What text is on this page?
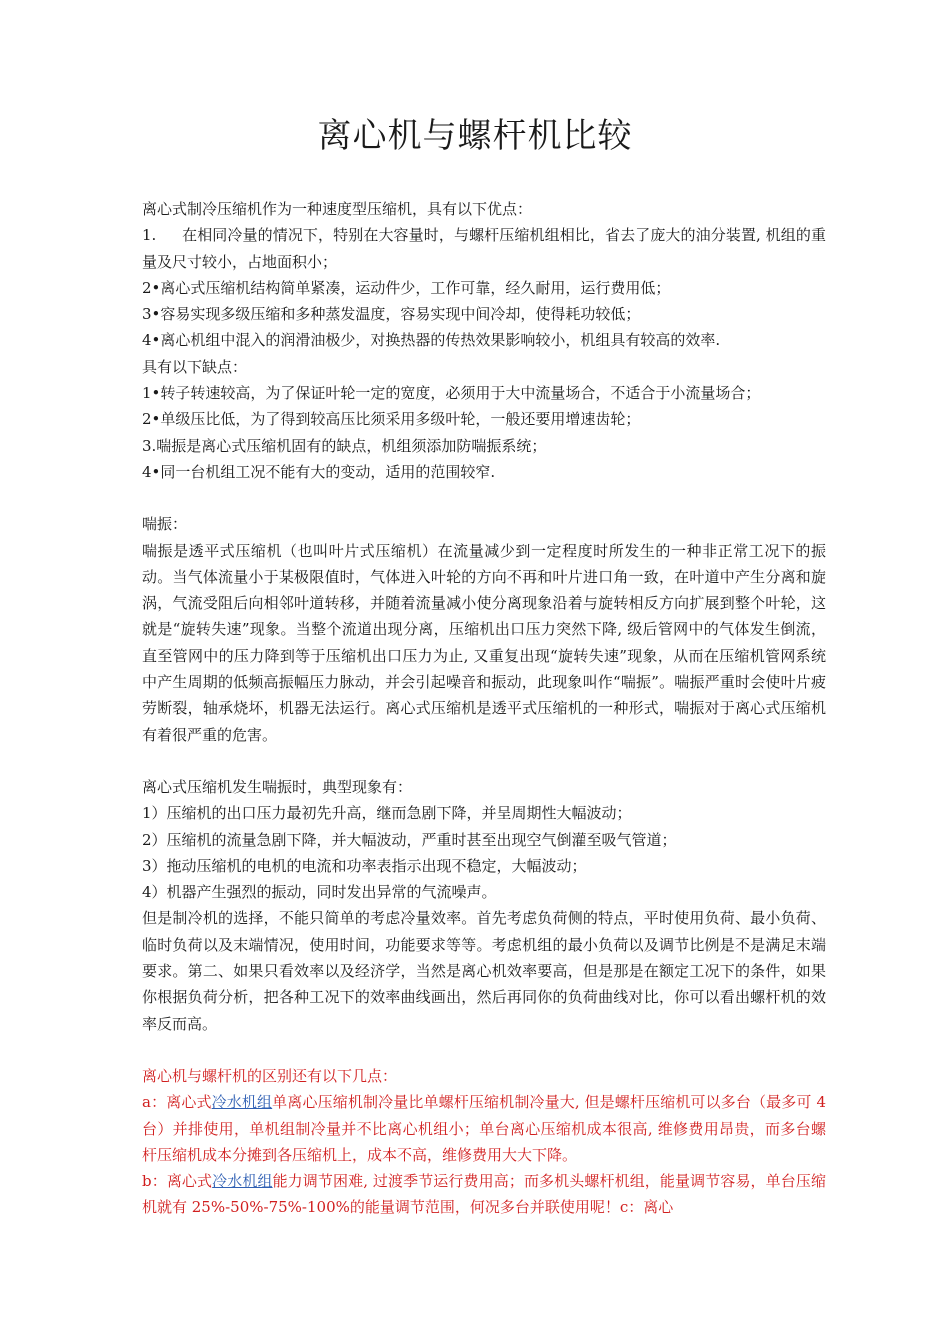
离心机与螺杆机比较

离心式制冷压缩机作为一种速度型压缩机，具有以下优点：

1. 在相同冷量的情况下，特别在大容量时，与螺杆压缩机组相比，省去了庞大的油分装置, 机组的重量及尺寸较小，占地面积小；

2•离心式压缩机结构简单紧凑，运动件少，工作可靠，经久耐用，运行费用低；

3•容易实现多级压缩和多种蒸发温度，容易实现中间冷却，使得耗功较低；

4•离心机组中混入的润滑油极少，对换热器的传热效果影响较小，机组具有较高的效率.

具有以下缺点：

1•转子转速较高，为了保证叶轮一定的宽度，必须用于大中流量场合，不适合于小流量场合；

2•单级压比低，为了得到较高压比须采用多级叶轮，一般还要用增速齿轮；

3.喘振是离心式压缩机固有的缺点，机组须添加防喘振系统；

4•同一台机组工况不能有大的变动，适用的范围较窄.

喘振：

喘振是透平式压缩机（也叫叶片式压缩机）在流量减少到一定程度时所发生的一种非正常工况下的振动。当气体流量小于某极限值时，气体进入叶轮的方向不再和叶片进口角一致，在叶道中产生分离和旋涡，气流受阻后向相邻叶道转移，并随着流量减小使分离现象沿着与旋转相反方向扩展到整个叶轮，这就是“旋转失速”现象。当整个流道出现分离，压缩机出口压力突然下降, 级后管网中的气体发生倒流，直至管网中的压力降到等于压缩机出口压力为止, 又重复出现“旋转失速”现象，从而在压缩机管网系统中产生周期的低频高振幅压力脉动，并会引起噪音和振动，此现象叫作“喘振”。喘振严重时会使叶片疲劳断裂，轴承烧坏，机器无法运行。离心式压缩机是透平式压缩机的一种形式，喘振对于离心式压缩机有着很严重的危害。

离心式压缩机发生喘振时，典型现象有：

1）压缩机的出口压力最初先升高，继而急剧下降，并呈周期性大幅波动；

2）压缩机的流量急剧下降，并大幅波动，严重时甚至出现空气倒灌至吸气管道；

3）拖动压缩机的电机的电流和功率表指示出现不稳定，大幅波动；

4）机器产生强烈的振动，同时发出异常的气流噪声。

但是制冷机的选择，不能只简单的考虑冷量效率。首先考虑负荷侧的特点，平时使用负荷、最小负荷、临时负荷以及末端情况，使用时间，功能要求等等。考虑机组的最小负荷以及调节比例是不是满足末端要求。第二、如果只看效率以及经济学，当然是离心机效率要高，但是那是在额定工况下的条件，如果你根据负荷分析，把各种工况下的效率曲线画出，然后再同你的负荷曲线对比，你可以看出螺杆机的效率反而高。

离心机与螺杆机的区别还有以下几点：

a：离心式冷水机组单离心压缩机制冷量比单螺杆压缩机制冷量大, 但是螺杆压缩机可以多台（最多可 4 台）并排使用，单机组制冷量并不比离心机组小；单台离心压缩机成本很高, 维修费用昂贵，而多台螺杆压缩机成本分摊到各压缩机上，成本不高，维修费用大大下降。

b：离心式冷水机组能力调节困难, 过渡季节运行费用高；而多机头螺杆机组，能量调节容易，单台压缩机就有 25%-50%-75%-100%的能量调节范围，何况多台并联使用呢！c：离心
